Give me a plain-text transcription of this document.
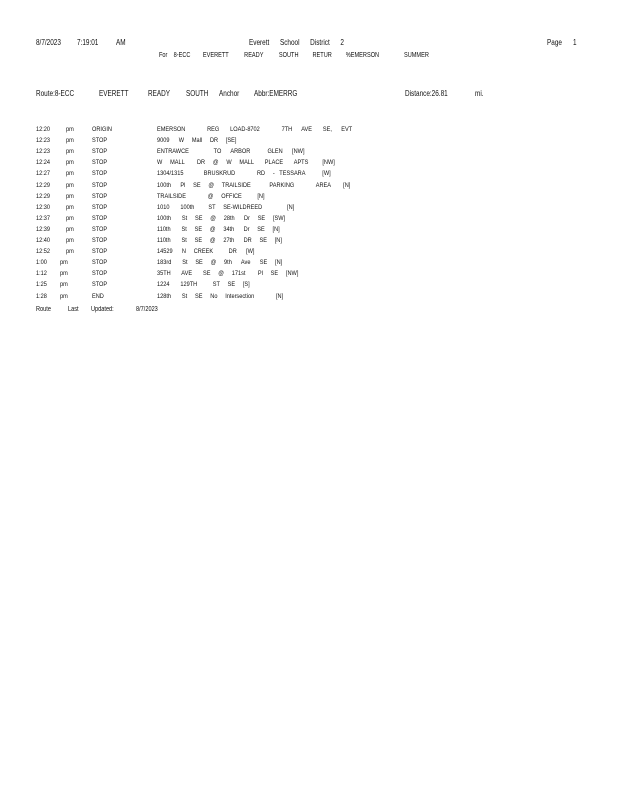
8/7/2023 7:19:01 AM	Everett      School      District      2	Page 1
For    8-ECC        EVERETT          READY          SOUTH         RETUR         %EMERSON                SUMMER
Route:8-ECC	EVERETT READY SOUTH Anchor Abbr:EMERRG	Distance:26.81	mi.
12:20 pm	ORIGIN	EMERSON              REG       LOAD-8702              7TH      AVE       SE,      EVT
12:23 pm	STOP	9009      W     Mall     DR     [SE]
12:23 pm	STOP	ENTRAWCE                TO      ARBOR           GLEN      [NW]
12:24 pm	STOP	W     MALL        DR     @     W     MALL       PLACE       APTS         [NW]
12:27 pm	STOP	1304/1315             BRUSKRUD              RD     -   TESSARA           [W]
12:29 pm	STOP	100th      Pl     SE     @     TRAILSIDE            PARKING              AREA        [N]
12:29 pm	STOP	TRAILSIDE              @     OFFICE          [N]
12:30 pm	STOP	1010       100th         ST     SE-WILDREED                [N]
12:37 pm	STOP	100th       St     SE     @     28th      Dr     SE     [SW]
12:39 pm	STOP	110th       St     SE     @     34th      Dr     SE     [N]
12:40 pm	STOP	110th       St     SE     @     27th      DR     SE     [N]
12:52 pm	STOP	14529      N     CREEK          DR      [W]
1:00 pm	STOP	183rd       St     SE     @     9th      Ave      SE     [N]
1:12 pm	STOP	35TH       AVE       SE     @     171st        Pl     SE     [NW]
1:25 pm	STOP	1224       129TH          ST     SE     [S]
1:28 pm	END	128th       St     SE     No     Intersection              [N]
Route Last Updated:	8/7/2023
